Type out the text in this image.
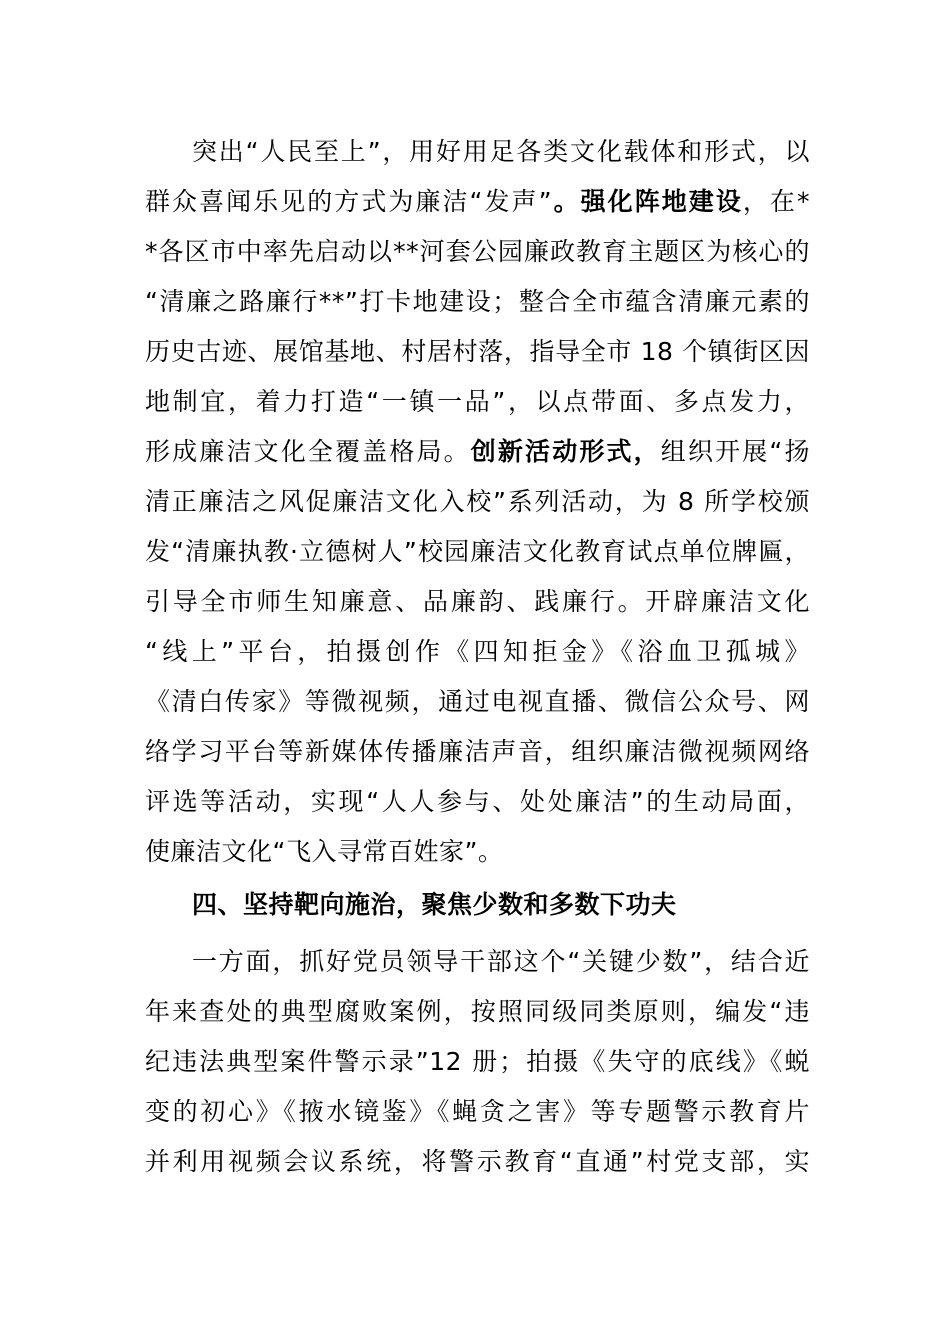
突出“人民至上”，用好用足各类文化载体和形式，以
群众喜闻乐见的方式为廉洁“发声”。强化阵地建设，在*
*各区市中率先启动以**河套公园廉政教育主题区为核心的
“清廉之路廉行**”打卡地建设；整合全市蕴含清廉元素的
历史古迹、展馆基地、村居村落，指导全市 18 个镇街区因
地制宜，着力打造“一镇一品”，以点带面、多点发力，
形成廉洁文化全覆盖格局。创新活动形式，组织开展“扬
清正廉洁之风促廉洁文化入校”系列活动，为 8 所学校颁
发“清廉执教·立德树人”校园廉洁文化教育试点单位牌匾，
引导全市师生知廉意、品廉韵、践廉行。开辟廉洁文化
“线上”平台，拍摄创作《四知拒金》《浴血卫孤城》
《清白传家》等微视频，通过电视直播、微信公众号、网
络学习平台等新媒体传播廉洁声音，组织廉洁微视频网络
评选等活动，实现“人人参与、处处廉洁”的生动局面，
使廉洁文化“飞入寻常百姓家”。
四、坚持靶向施治，聚焦少数和多数下功夫
一方面，抓好党员领导干部这个“关键少数”，结合近
年来查处的典型腐败案例，按照同级同类原则，编发“违
纪违法典型案件警示录”12 册；拍摄《失守的底线》《蜕
变的初心》《掖水镜鉴》《蝇贪之害》等专题警示教育片
并利用视频会议系统，将警示教育“直通”村党支部，实
